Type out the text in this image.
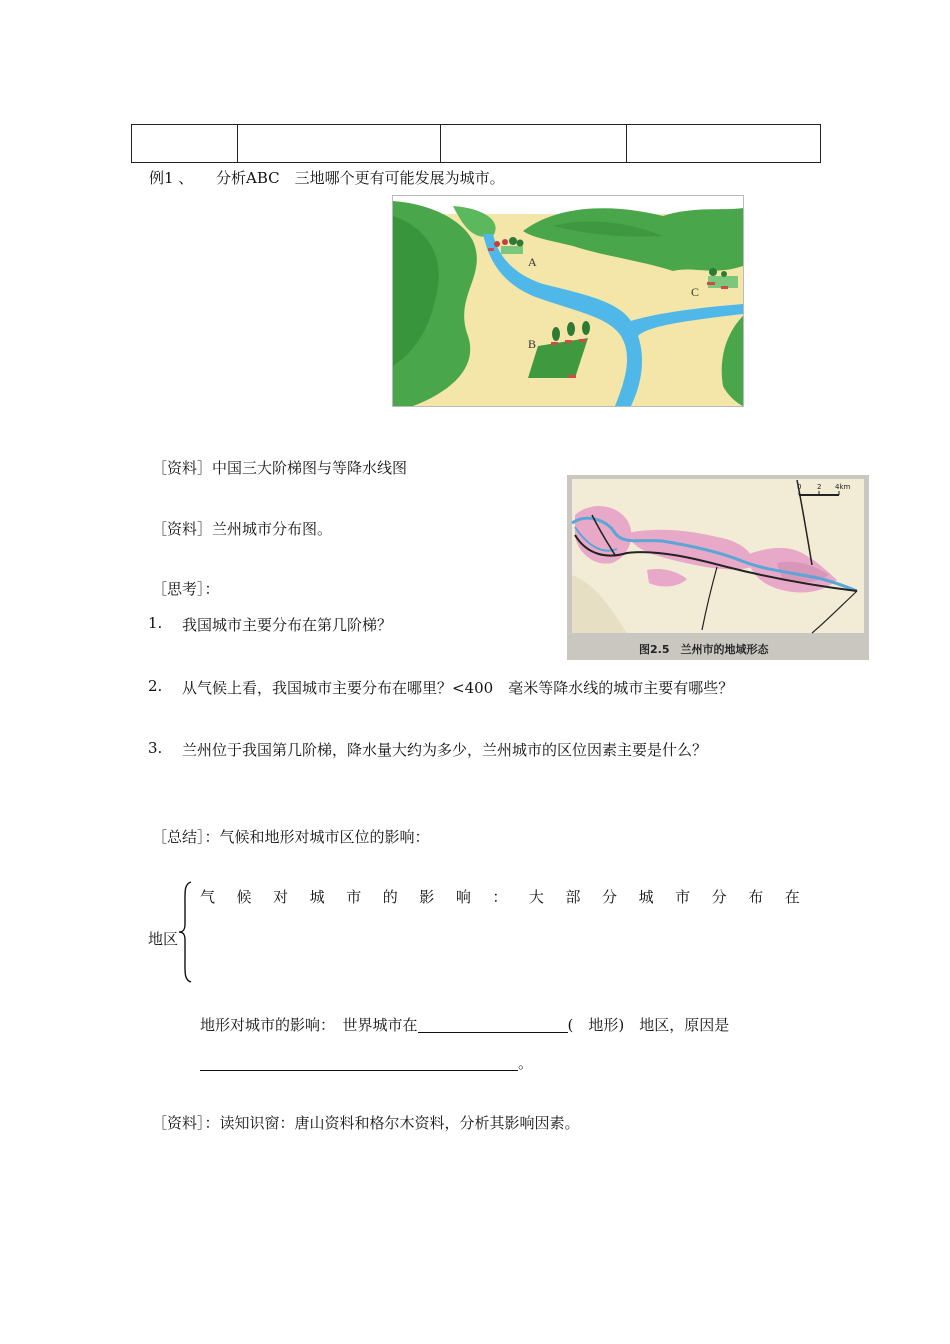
例1 、 分析ABC　三地哪个更有可能发展为城市。
A
B
C
［资料］中国三大阶梯图与等降水线图
［资料］兰州城市分布图。
［思考］：
0 2 4km
图2.5　兰州市的地域形态
1. 我国城市主要分布在第几阶梯？
2. 从气候上看，我国城市主要分布在哪里？<400　毫米等降水线的城市主要有哪些？
3. 兰州位于我国第几阶梯，降水量大约为多少，兰州城市的区位因素主要是什么？
［总结］：气候和地形对城市区位的影响：
气 候 对 城 市 的 影 响 ： 大 部 分 城 市 分 布 在
地区
地形对城市的影响：　世界城市在	(　地形)　地区，原因是
。
［资料］：读知识窗：唐山资料和格尔木资料，分析其影响因素。
